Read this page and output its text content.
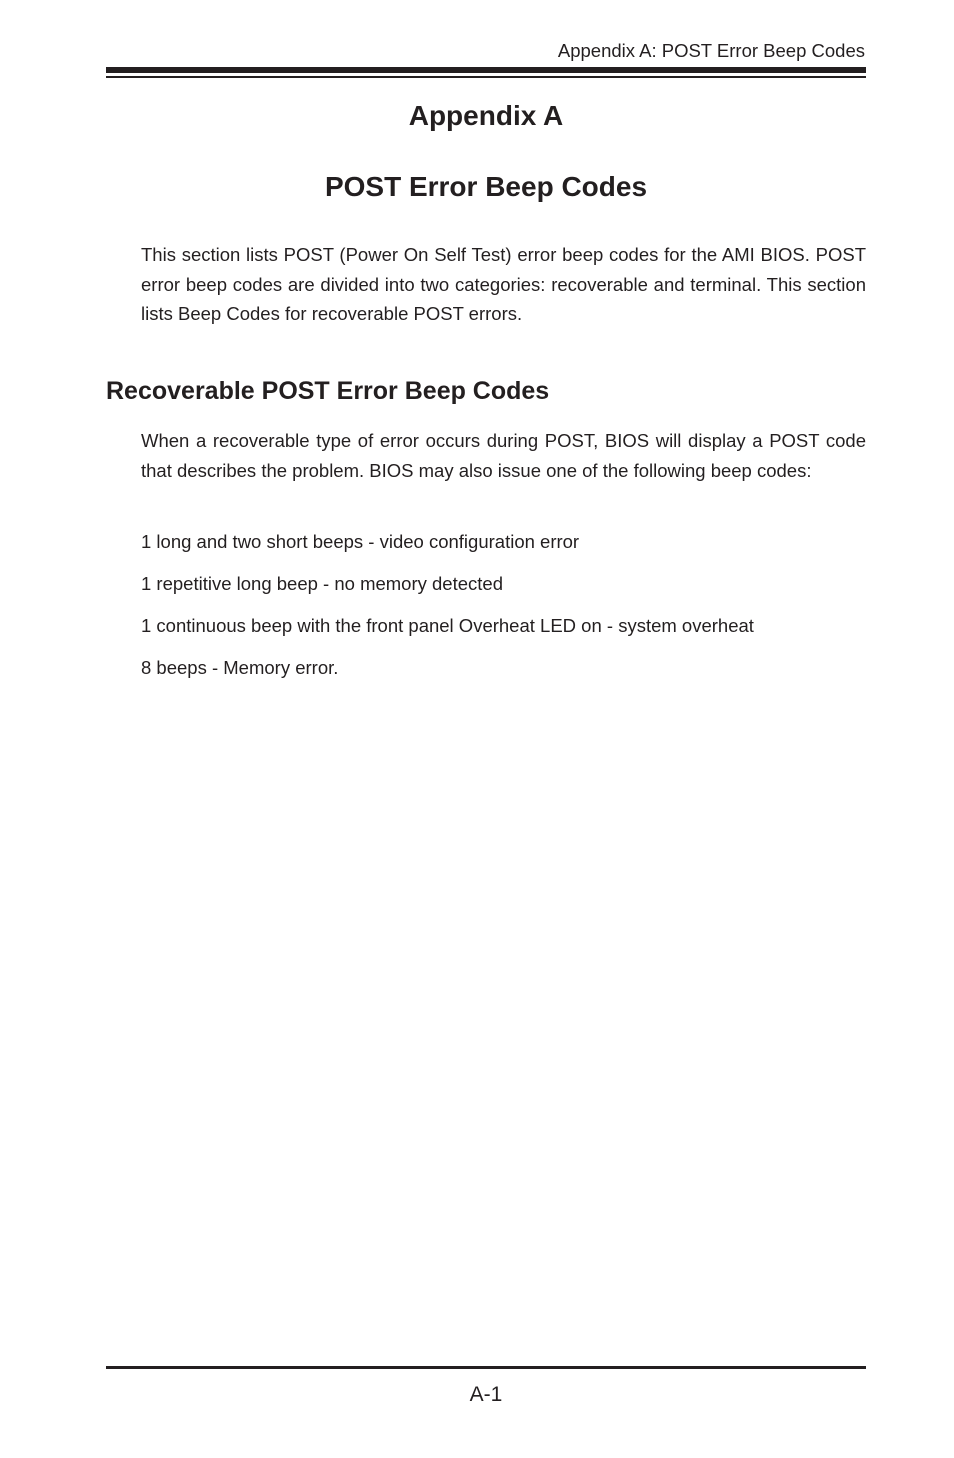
Appendix A: POST Error Beep Codes
Appendix A
POST Error Beep Codes

This section lists POST (Power On Self Test) error beep codes for the AMI BIOS. POST error beep codes are divided into two categories: recoverable and terminal. This section lists Beep Codes for recoverable POST errors.

Recoverable POST Error Beep Codes

When a recoverable type of error occurs during POST, BIOS will display a POST code that describes the problem. BIOS may also issue one of the following beep codes:

1 long and two short beeps - video configuration error
1 repetitive long beep - no memory detected
1 continuous beep with the front panel Overheat LED on - system overheat
8 beeps - Memory error.
A-1
